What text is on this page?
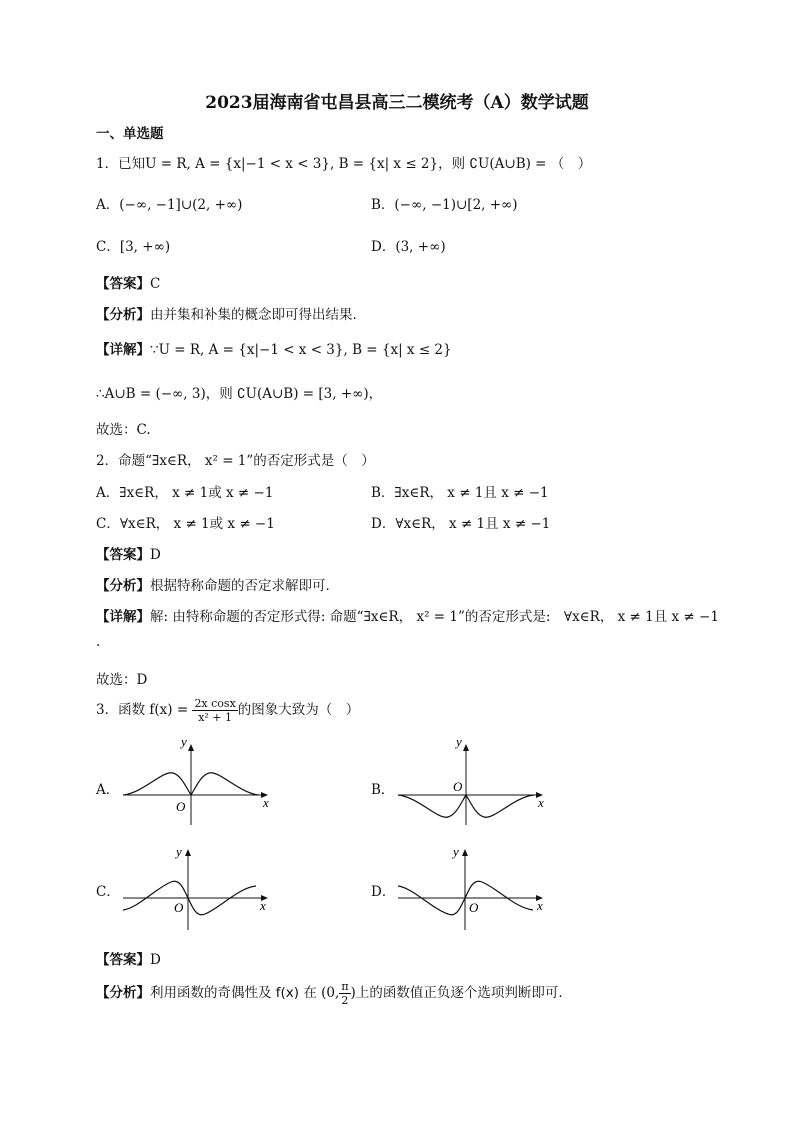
2023届海南省屯昌县高三二模统考（A）数学试题
一、单选题
1．已知U = R, A = {x|−1 < x < 3}, B = {x| x ≤ 2}，则 ∁U(A∪B) = （　）
A．(−∞, −1]∪(2, +∞)	B．(−∞, −1)∪[2, +∞)
C．[3, +∞)	D．(3, +∞)
【答案】C
【分析】由并集和补集的概念即可得出结果.
【详解】∵U = R, A = {x|−1 < x < 3}, B = {x| x ≤ 2}
∴A∪B = (−∞, 3)，则 ∁U(A∪B) = [3, +∞)，
故选：C.
2．命题“∃x∈R， x² = 1”的否定形式是（　）
A．∃x∈R， x ≠ 1或 x ≠ −1	B．∃x∈R， x ≠ 1且 x ≠ −1
C．∀x∈R， x ≠ 1或 x ≠ −1	D．∀x∈R， x ≠ 1且 x ≠ −1
【答案】D
【分析】根据特称命题的否定求解即可.
【详解】解: 由特称命题的否定形式得: 命题“∃x∈R， x² = 1”的否定形式是:　∀x∈R， x ≠ 1且 x ≠ −1
.
故选：D
3．函数 $f(x) = \frac{\text{2x cosx}}{\text{x² + 1}}$ 的图象大致为（　）
A．	B．
C．	D．
y
x
O
y
x
O
y
x
O
y
x
O
【答案】D
【分析】利用函数的奇偶性及 f(x) 在 (0, $\frac{\pi}{2}$ )上的函数值正负逐个选项判断即可.
